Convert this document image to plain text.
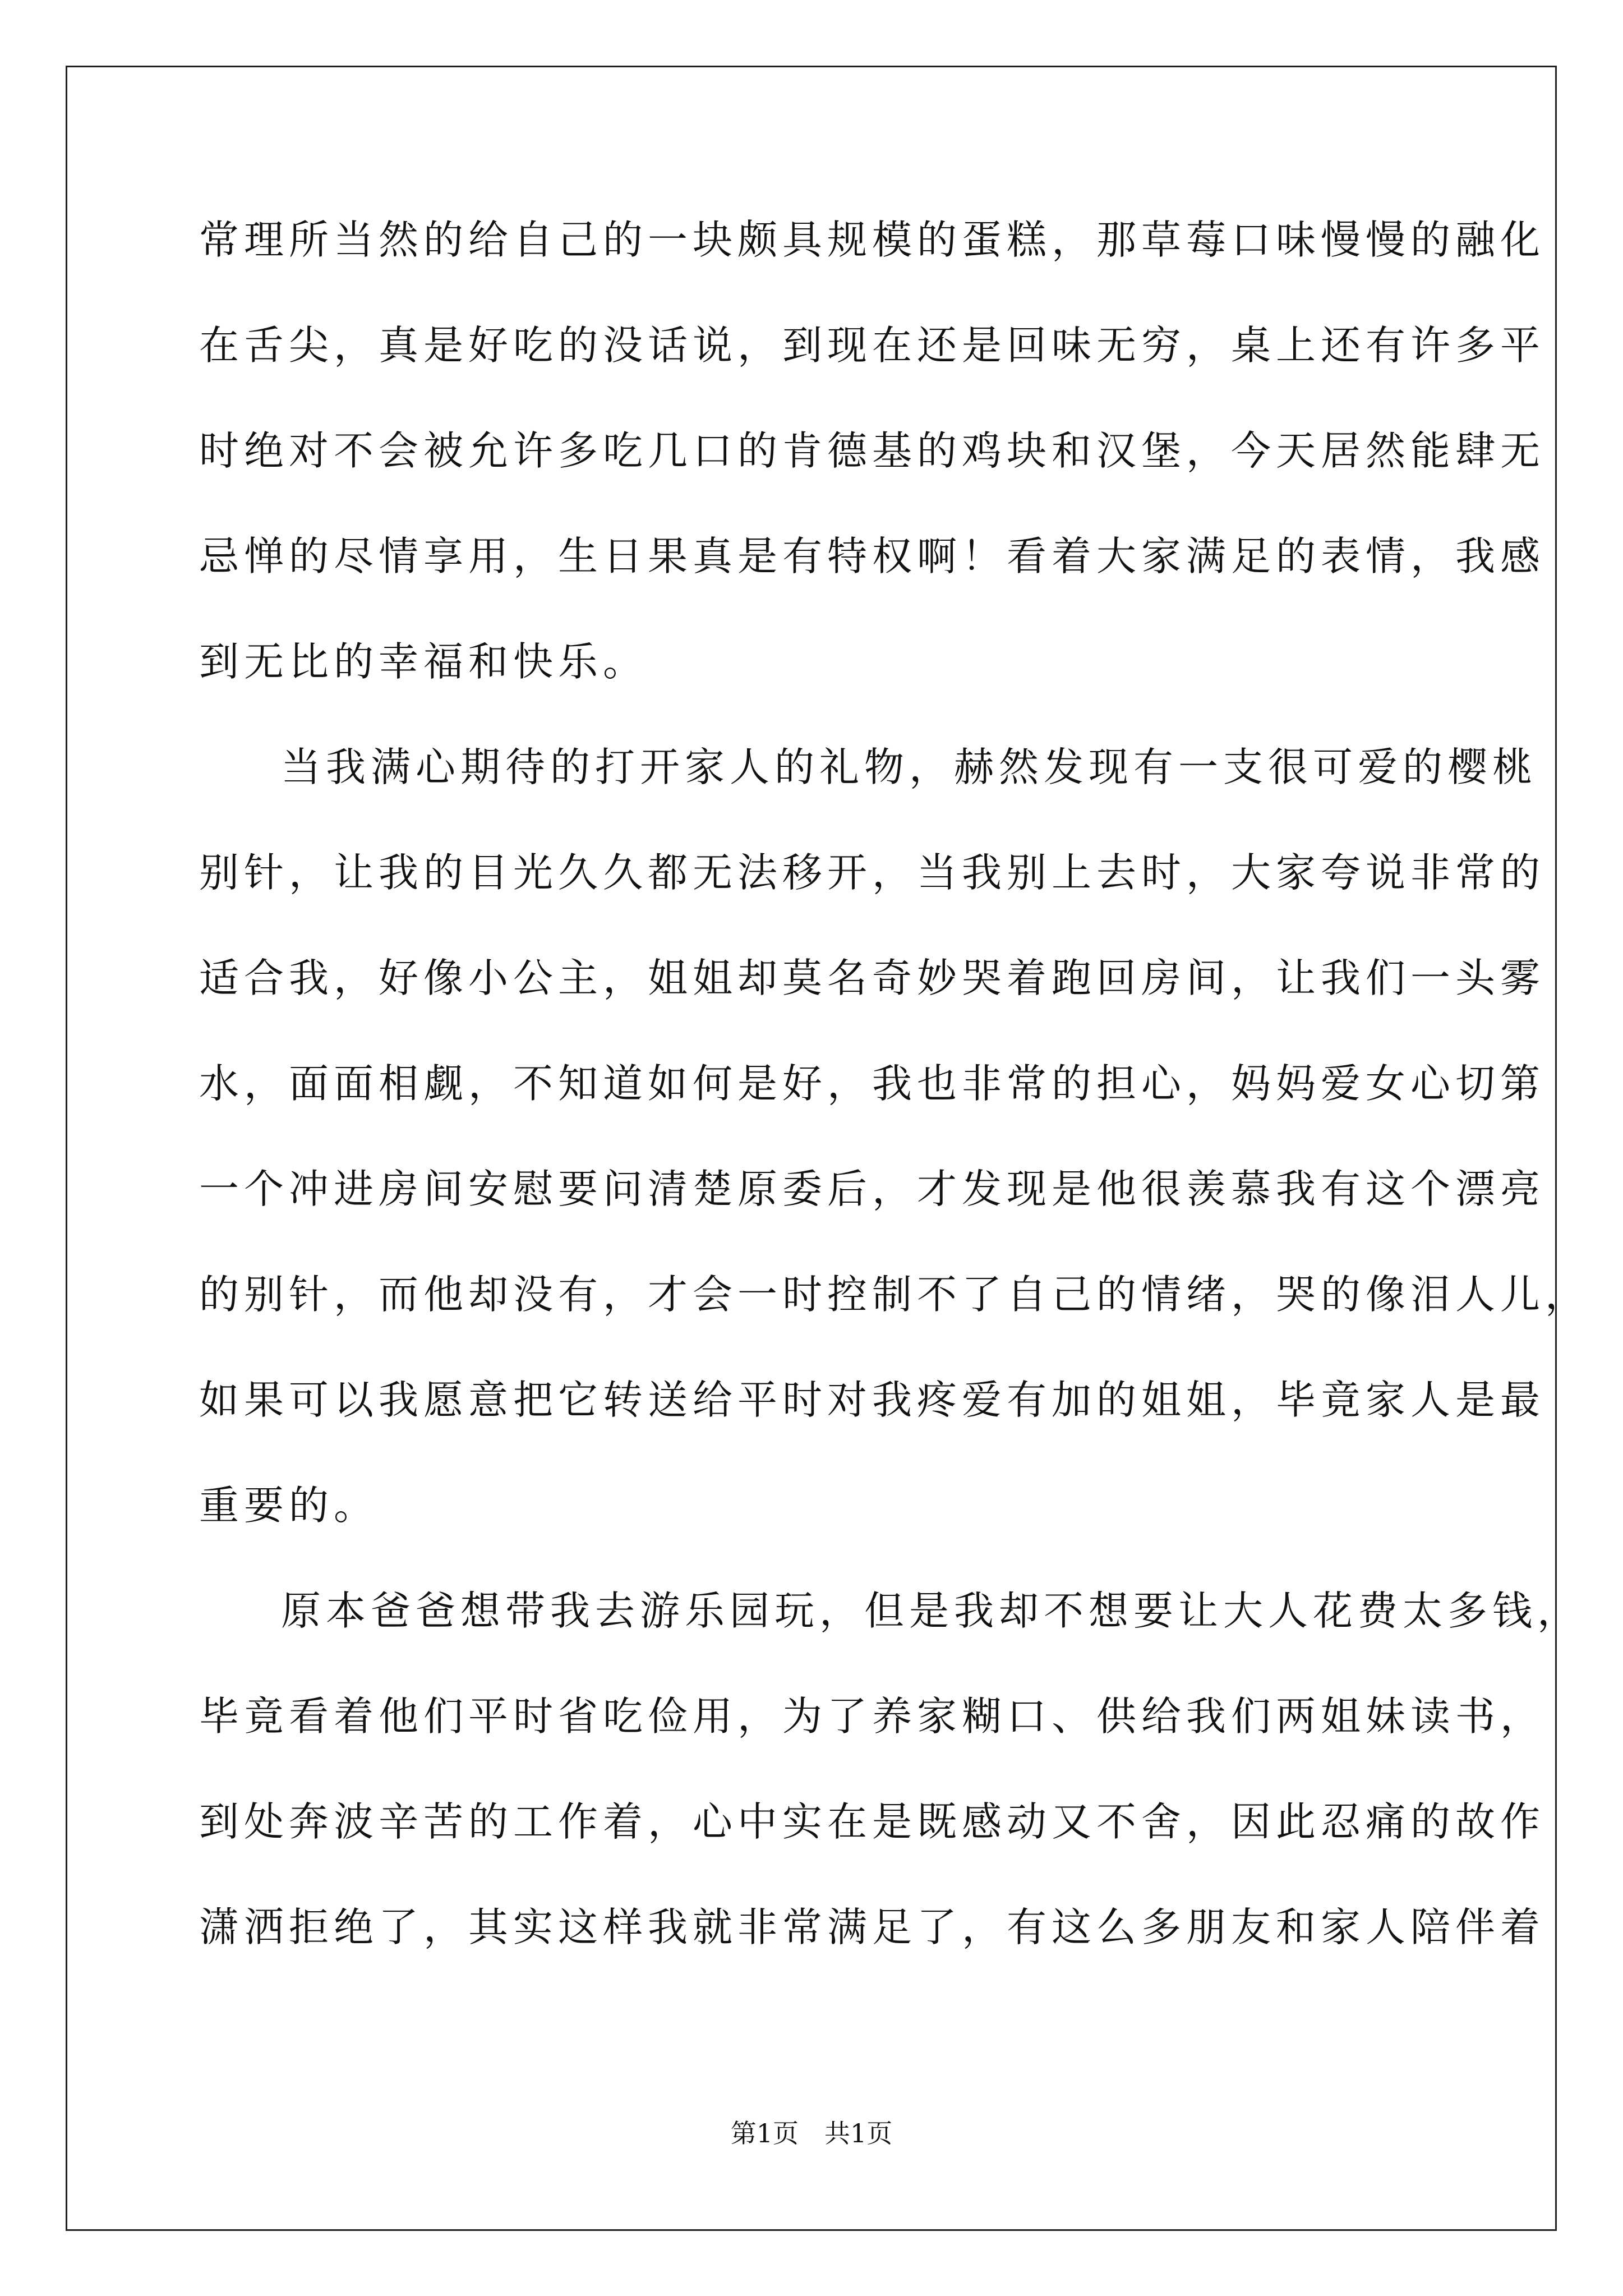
常理所当然的给自己的一块颇具规模的蛋糕，那草莓口味慢慢的融化
在舌尖，真是好吃的没话说，到现在还是回味无穷，桌上还有许多平
时绝对不会被允许多吃几口的肯德基的鸡块和汉堡，今天居然能肆无
忌惮的尽情享用，生日果真是有特权啊！看着大家满足的表情，我感
到无比的幸福和快乐。
当我满心期待的打开家人的礼物，赫然发现有一支很可爱的樱桃
别针，让我的目光久久都无法移开，当我别上去时，大家夸说非常的
适合我，好像小公主，姐姐却莫名奇妙哭着跑回房间，让我们一头雾
水，面面相觑，不知道如何是好，我也非常的担心，妈妈爱女心切第
一个冲进房间安慰要问清楚原委后，才发现是他很羡慕我有这个漂亮
的别针，而他却没有，才会一时控制不了自己的情绪，哭的像泪人儿，
如果可以我愿意把它转送给平时对我疼爱有加的姐姐，毕竟家人是最
重要的。
原本爸爸想带我去游乐园玩，但是我却不想要让大人花费太多钱，
毕竟看着他们平时省吃俭用，为了养家糊口、供给我们两姐妹读书，
到处奔波辛苦的工作着，心中实在是既感动又不舍，因此忍痛的故作
潇洒拒绝了，其实这样我就非常满足了，有这么多朋友和家人陪伴着
第1页 共1页
